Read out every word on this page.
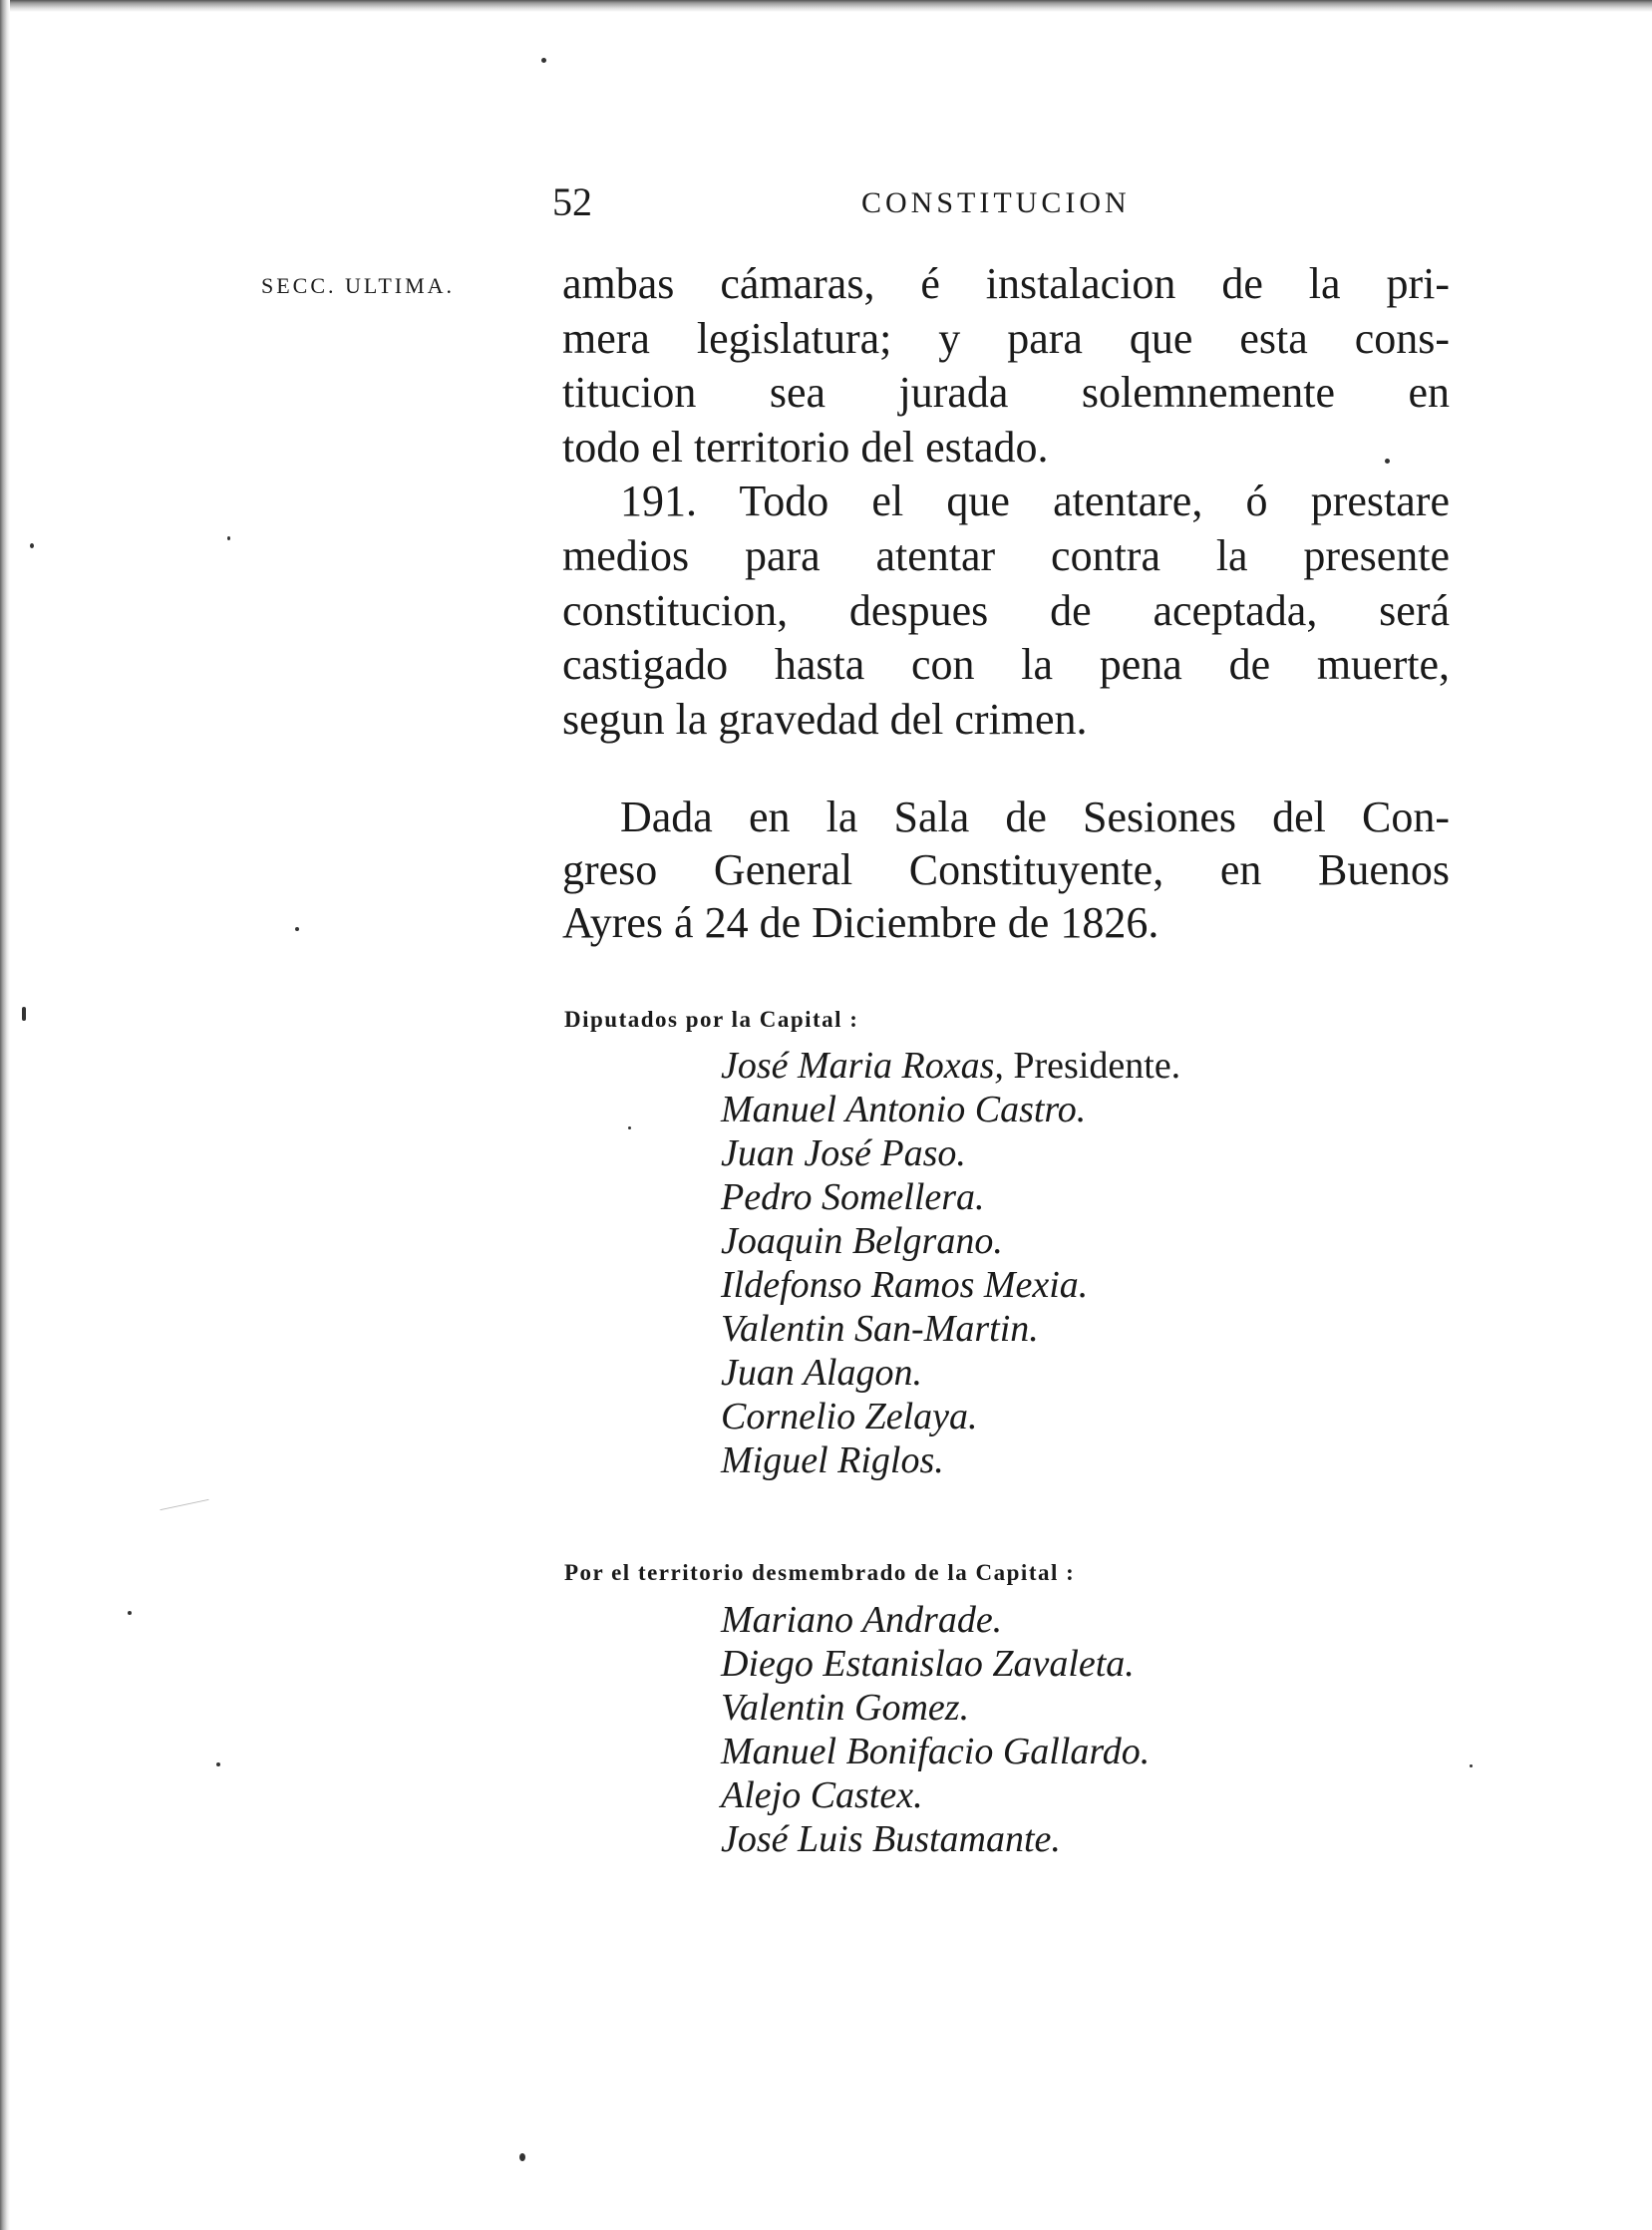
52	CONSTITUCION
SECC. ULTIMA. ambas cámaras, é instalacion de la pri-
mera legislatura; y para que esta cons-
titucion sea jurada solemnemente en
todo el territorio del estado.
191. Todo el que atentare, ó prestare
medios para atentar contra la presente
constitucion, despues de aceptada, será
castigado hasta con la pena de muerte,
segun la gravedad del crimen.
Dada en la Sala de Sesiones del Con-
greso General Constituyente, en Buenos
Ayres á 24 de Diciembre de 1826.
Diputados por la Capital :
José Maria Roxas, Presidente.
Manuel Antonio Castro.
Juan José Paso.
Pedro Somellera.
Joaquin Belgrano.
Ildefonso Ramos Mexia.
Valentin San-Martin.
Juan Alagon.
Cornelio Zelaya.
Miguel Riglos.
Por el territorio desmembrado de la Capital :
Mariano Andrade.
Diego Estanislao Zavaleta.
Valentin Gomez.
Manuel Bonifacio Gallardo.
Alejo Castex.
José Luis Bustamante.
